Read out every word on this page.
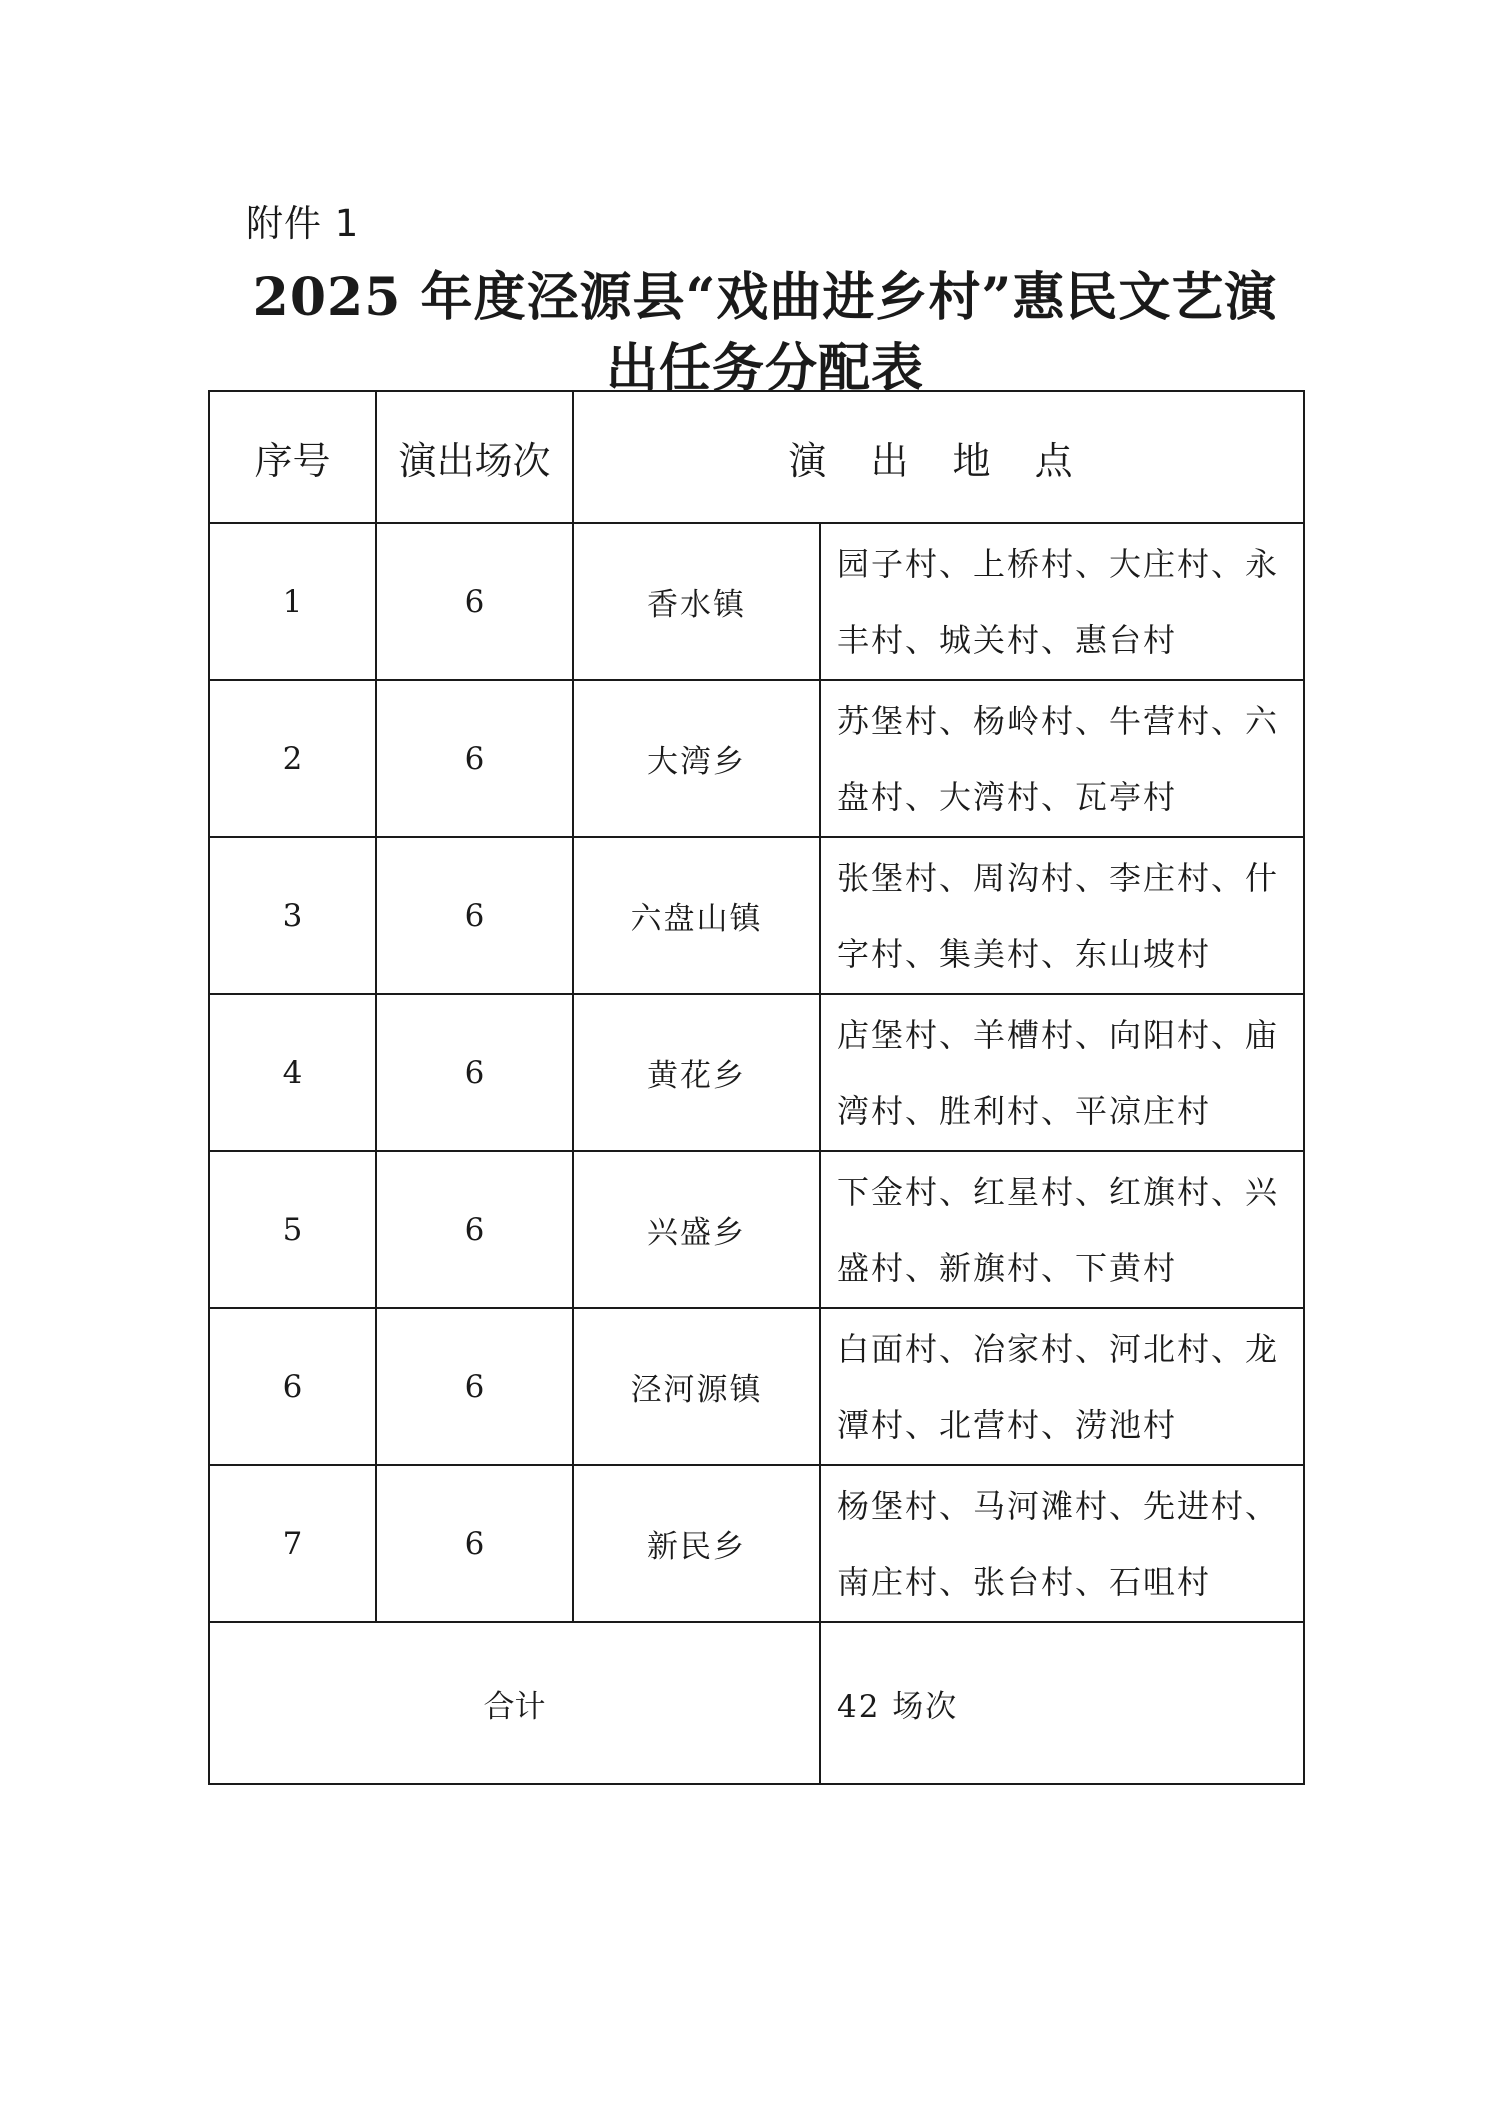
附件 1
2025 年度泾源县“戏曲进乡村”惠民文艺演
出任务分配表
序号	演出场次	演 出 地 点	
1	6	香水镇	园子村、上桥村、大庄村、永丰村、城关村、惠台村
2	6	大湾乡	苏堡村、杨岭村、牛营村、六盘村、大湾村、瓦亭村
3	6	六盘山镇	张堡村、周沟村、李庄村、什字村、集美村、东山坡村
4	6	黄花乡	店堡村、羊槽村、向阳村、庙湾村、胜利村、平凉庄村
5	6	兴盛乡	下金村、红星村、红旗村、兴盛村、新旗村、下黄村
6	6	泾河源镇	白面村、冶家村、河北村、龙潭村、北营村、涝池村
7	6	新民乡	杨堡村、马河滩村、先进村、南庄村、张台村、石咀村
合计			42 场次
